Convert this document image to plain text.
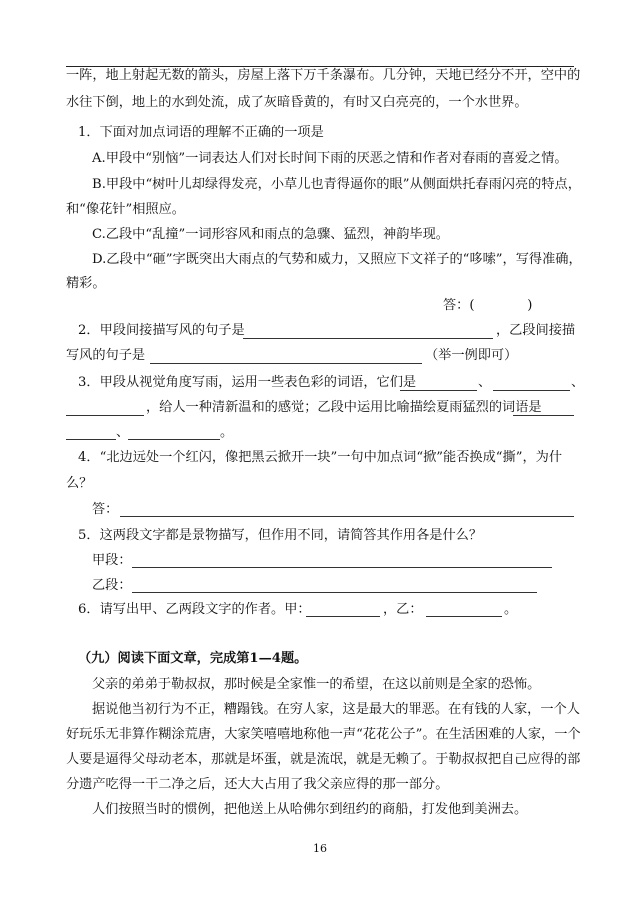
一阵，地上射起无数的箭头，房屋上落下万千条瀑布。几分钟，天地已经分不开，空中的
水往下倒，地上的水到处流，成了灰暗昏黄的，有时又白亮亮的，一个水世界。
1．下面对加点词语的理解不正确的一项是
A.甲段中“别恼”一词表达人们对长时间下雨的厌恶之情和作者对春雨的喜爱之情。
B.甲段中“树叶儿却绿得发亮，小草儿也青得逼你的眼”从侧面烘托春雨闪亮的特点，
和“像花针”相照应。
C.乙段中“乱撞”一词形容风和雨点的急骤、猛烈，神韵毕现。
D.乙段中“砸”字既突出大雨点的气势和威力，又照应下文祥子的“哆嗦”，写得准确，
精彩。
答：(　　　　)
2．甲段间接描写风的句子是	，乙段间接描
写风的句子是	（举一例即可）
3．甲段从视觉角度写雨，运用一些表色彩的词语，它们是	、	、
，给人一种清新温和的感觉；乙段中运用比喻描绘夏雨猛烈的词语是
、	。
4．“北边远处一个红闪，像把黑云掀开一块”一句中加点词“掀”能否换成“撕”，为什
么？
答：
5．这两段文字都是景物描写，但作用不同，请简答其作用各是什么？
甲段：
乙段：
6．请写出甲、乙两段文字的作者。甲：	，乙：	。
（九）阅读下面文章，完成第1—4题。
父亲的弟弟于勒叔叔，那时候是全家惟一的希望，在这以前则是全家的恐怖。
据说他当初行为不正，糟蹋钱。在穷人家，这是最大的罪恶。在有钱的人家，一个人
好玩乐无非算作糊涂荒唐，大家笑嘻嘻地称他一声“花花公子”。在生活困难的人家，一个
人要是逼得父母动老本，那就是坏蛋，就是流氓，就是无赖了。于勒叔叔把自己应得的部
分遗产吃得一干二净之后，还大大占用了我父亲应得的那一部分。
人们按照当时的惯例，把他送上从哈佛尔到纽约的商船，打发他到美洲去。
16
